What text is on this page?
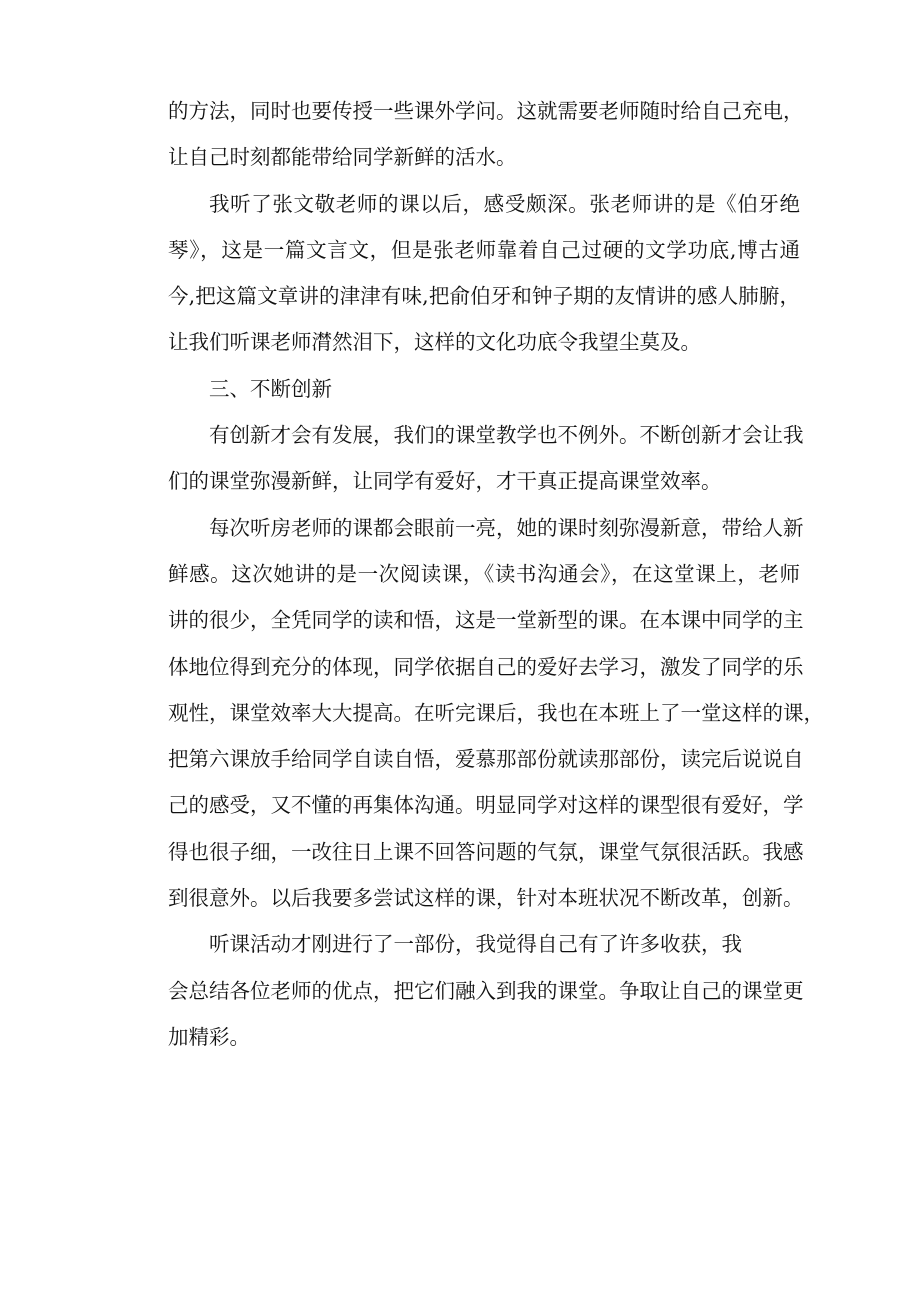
的方法，同时也要传授一些课外学问。这就需要老师随时给自己充电，
让自己时刻都能带给同学新鲜的活水。
我听了张文敬老师的课以后，感受颇深。张老师讲的是《伯牙绝
琴》，这是一篇文言文，但是张老师靠着自己过硬的文学功底,博古通
今,把这篇文章讲的津津有味,把俞伯牙和钟子期的友情讲的感人肺腑，
让我们听课老师潸然泪下，这样的文化功底令我望尘莫及。
三、不断创新
有创新才会有发展，我们的课堂教学也不例外。不断创新才会让我
们的课堂弥漫新鲜，让同学有爱好，才干真正提高课堂效率。
每次听房老师的课都会眼前一亮，她的课时刻弥漫新意，带给人新
鲜感。这次她讲的是一次阅读课，《读书沟通会》，在这堂课上，老师
讲的很少，全凭同学的读和悟，这是一堂新型的课。在本课中同学的主
体地位得到充分的体现，同学依据自己的爱好去学习，激发了同学的乐
观性，课堂效率大大提高。在听完课后，我也在本班上了一堂这样的课，
把第六课放手给同学自读自悟，爱慕那部份就读那部份，读完后说说自
己的感受，又不懂的再集体沟通。明显同学对这样的课型很有爱好，学
得也很子细，一改往日上课不回答问题的气氛，课堂气氛很活跃。我感
到很意外。以后我要多尝试这样的课，针对本班状况不断改革，创新。
听课活动才刚进行了一部份，我觉得自己有了许多收获，我
会总结各位老师的优点，把它们融入到我的课堂。争取让自己的课堂更
加精彩。
